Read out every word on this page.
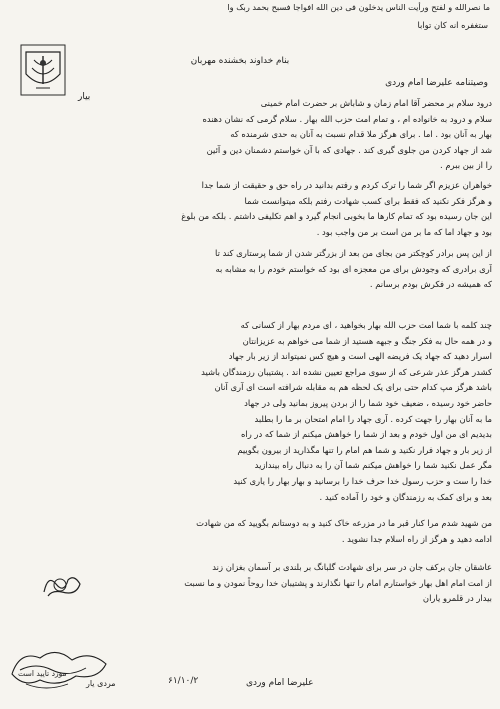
ما نصرالله و لفتح ورأیت الناس یدخلون فی دین الله افواجا فسبح بحمد ربک وا
ستغفره انه کان توابا
بنام خداوند بخشنده مهربان
وصیتنامه علیرضا امام وردی
بیار
درود سلام بر محضر آقا امام زمان و شاباش بر حضرت امام خمینی
سلام و درود به خانواده ام ، و تمام امت حزب الله بهار . سلام گرمی که نشان دهنده
بهار به آنان بود . اما . برای هرگز ملا قدام نسبت به آنان به حدی شرمنده که
شد از جهاد کردن من جلوی گیری کند . جهادی که با آن خواستم دشمنان دین و آئین
را از بین ببرم .
خواهران عزیزم اگر شما را ترک کردم و رفتم بدانید در راه حق و حقیقت از شما جدا
و هرگز فکر نکنید که فقط برای کسب شهادت رفتم بلکه میتوانست شما
این جان رسیده بود که تمام کارها ما بخوبی انجام گیرد و اهم تکلیفی داشتم . بلکه من بلوغ
بود و جهاد اما که ما بر من است بر من واجب بود .
از این پس برادر کوچکتر من بجای من بعد از بزرگتر شدن از شما پرستاری کند تا
آری برادری که وجودش برای من معجزه ای بود که خواستم خودم را به مشابه به
که همیشه در فکرش بودم برسانم .
چند کلمه با شما امت حزب الله بهار بخواهید ، ای مردم بهار از کسانی که
و در همه حال به فکر جنگ و جبهه هستید از شما می خواهم به عزیزانتان
اسرار دهید که جهاد یک فریضه الهی است و هیچ کس نمیتواند از زیر بار جهاد
کشدر هرگز عذر شرعی که از سوی مراجع تعیین نشده اند . پشتیبان رزمندگان باشید
باشد هرگز مپ کدام حتی برای یک لحظه هم به مقابله شرافته است ای آری آنان
حاضر خود رسیده ، ضعیف خود شما را از بردن پیروز بمانید ولی در جهاد
ما به آنان بهار را جهت کرده . آری جهاد را امام امتحان بر ما را بطلبد
بدیدیم ای من اول خودم و بعد از شما را خواهش میکنم از شما که در راه
از زیر بار و جهاد فرار نکنید و شما هم امام را تنها مگذارید از بیرون بگوییم
مگر عمل نکنید شما را خواهش میکنم شما آن را به دنبال راه بیندازید
خدا را ست و حزب رسول خدا حرف خدا را برسانید و بهار بهار را یاری کنید
بعد و برای کمک به رزمندگان و خود را آماده کنید .
من شهید شدم مرا کنار قبر ما در مزرعه خاک کنید و به دوستانم بگویید که من شهادت
ادامه دهید و هرگز از راه اسلام جدا نشوید .
عاشقان جان برکف جان در سر برای شهادت گلبانگ بر بلندی بر آسمان بغزان زند
از امت امام اهل بهار خواستارم امام را تنها نگذارند و پشتیبان خدا روحاً نمودن و ما نسبت
بیدار در قلمرو یاران
مورد تایید است
مردی یار	۶۱/۱۰/۲	علیرضا امام وردی
